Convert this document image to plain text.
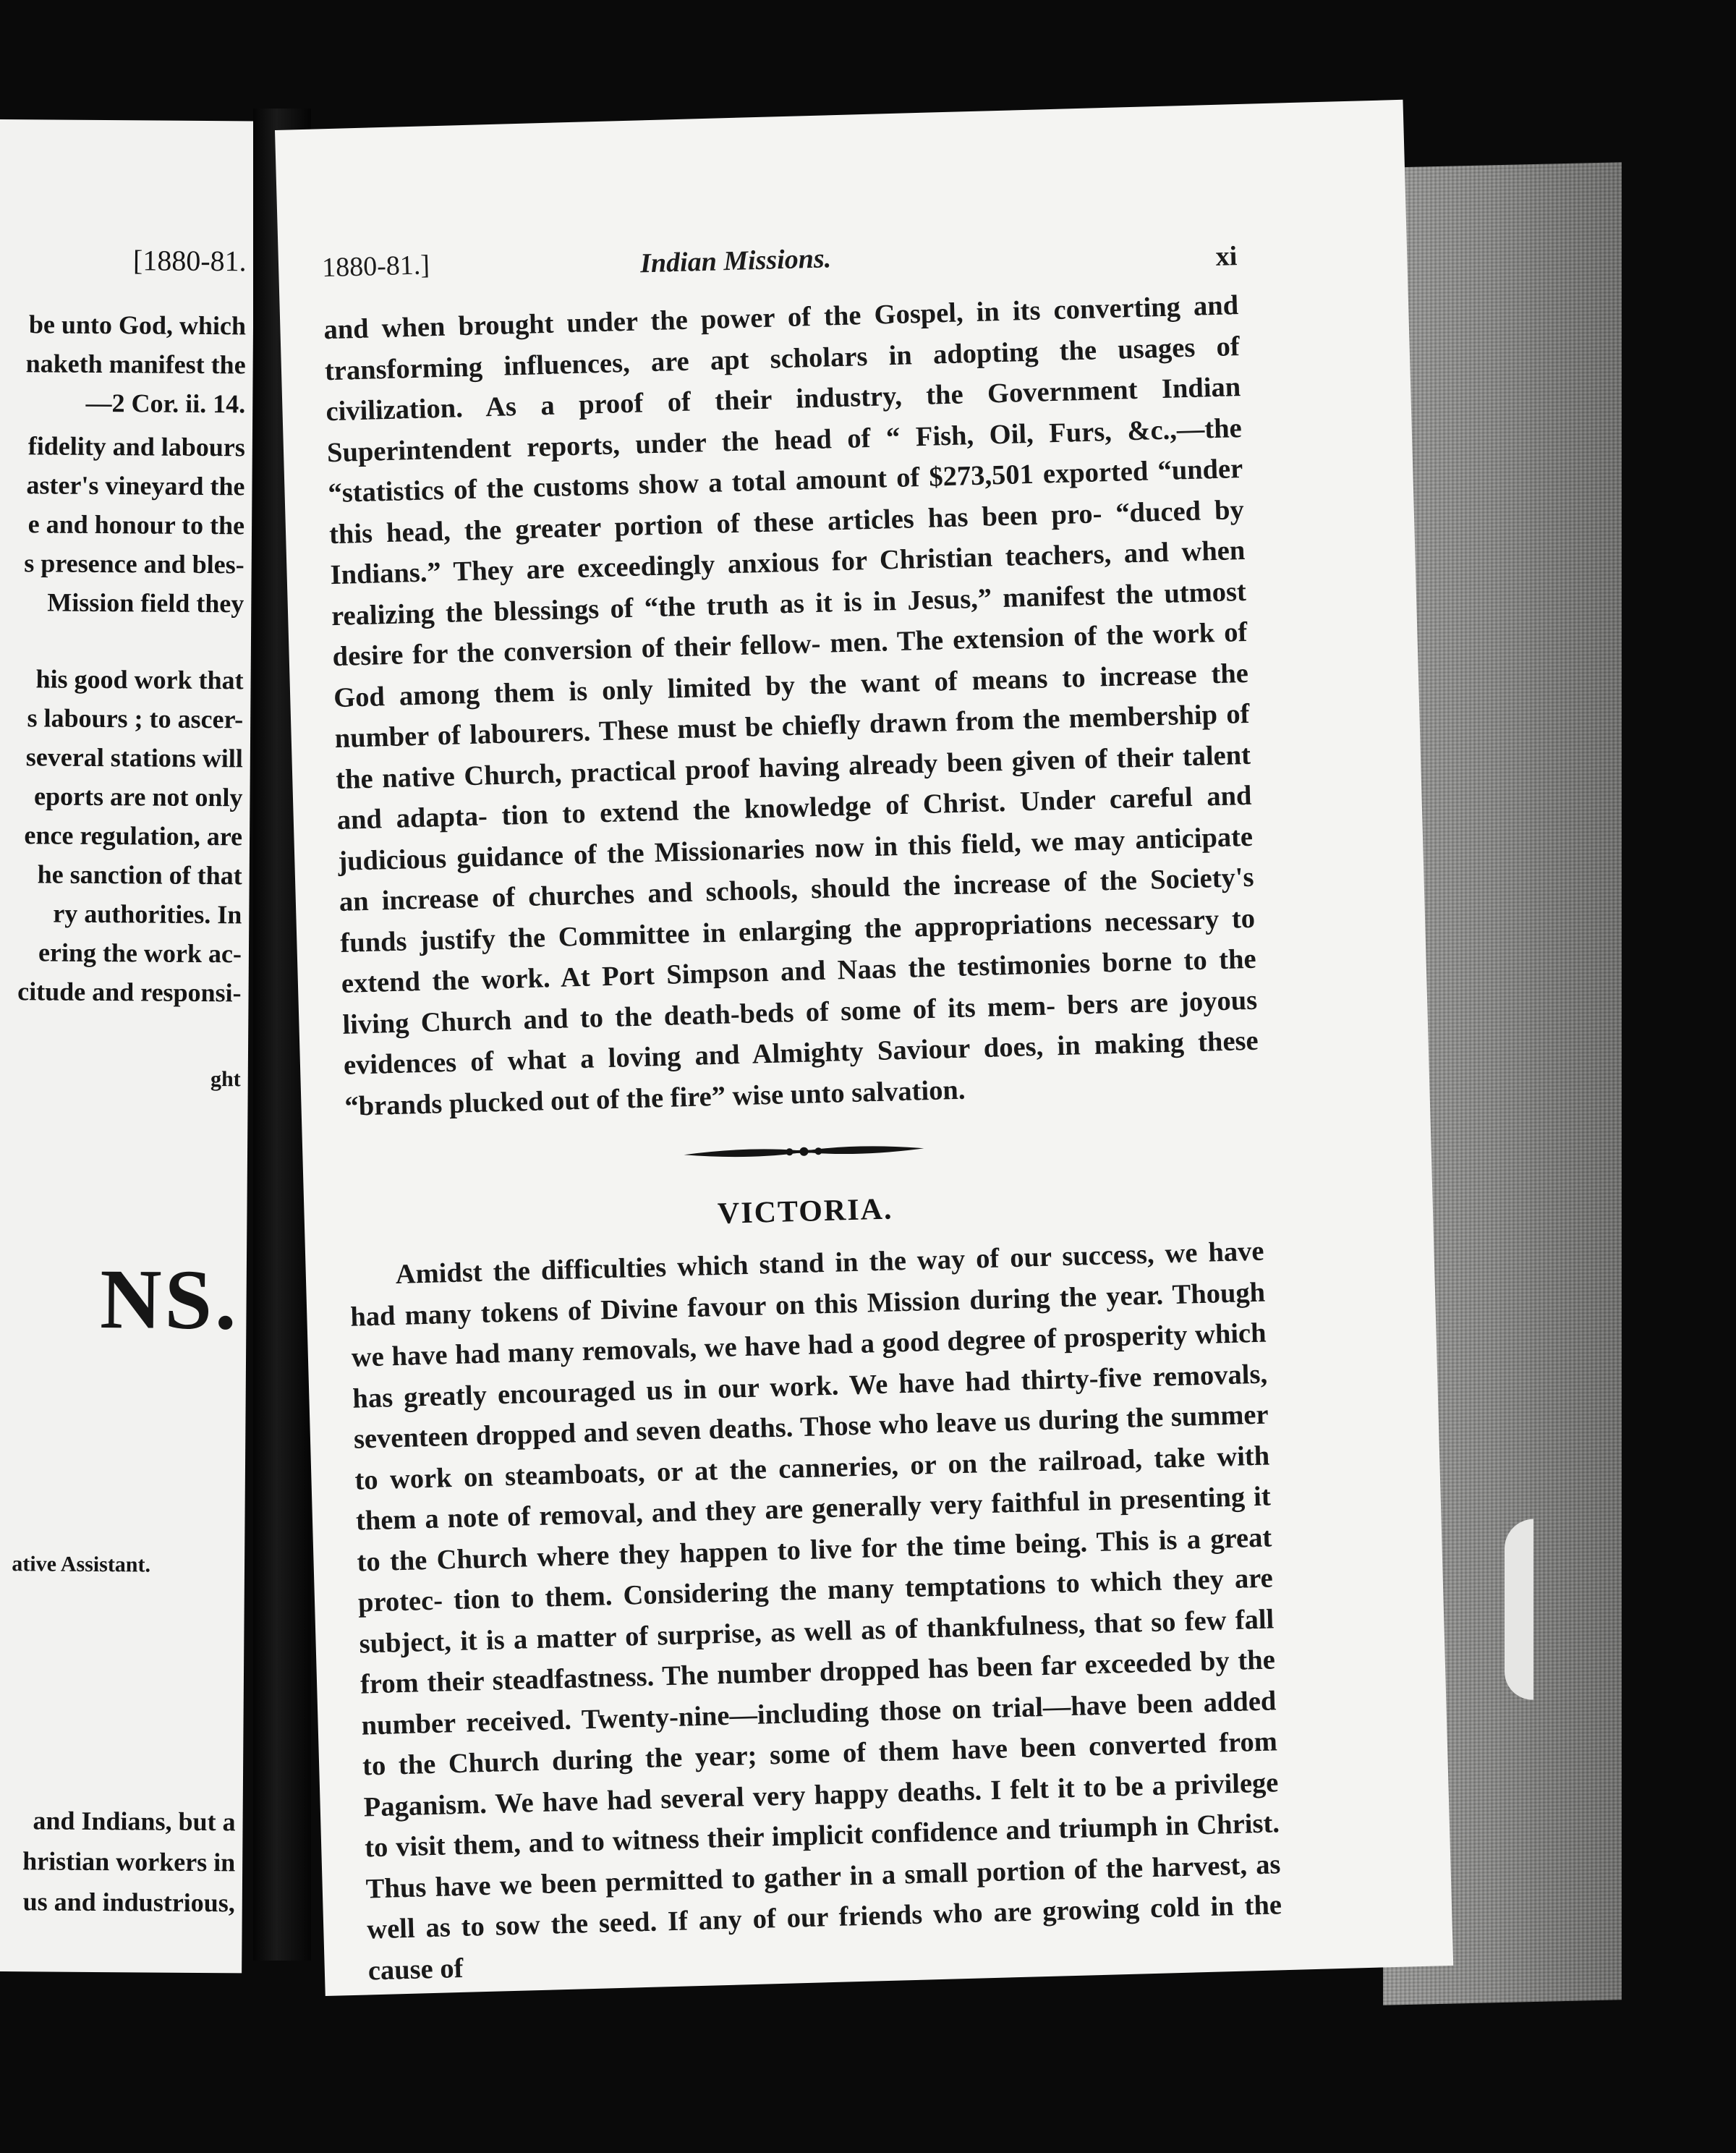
[1880-81.
be unto God, which
naketh manifest the
—2 Cor. ii. 14.
fidelity and labours
aster's vineyard the
e and honour to the
s presence and bles-
Mission field they
his good work that
s labours ; to ascer-
several stations will
eports are not only
ence regulation, are
he sanction of that
ry authorities. In
ering the work ac-
citude and responsi-
ght
NS.
ative Assistant.
and Indians, but a
hristian workers in
us and industrious,
1880-81.]	Indian Missions.	xi

and when brought under the power of the Gospel, in its converting and transforming influences, are apt scholars in adopting the usages of civilization. As a proof of their industry, the Government Indian Superintendent reports, under the head of “ Fish, Oil, Furs, &c.,—the “statistics of the customs show a total amount of $273,501 exported “under this head, the greater portion of these articles has been pro- “duced by Indians.” They are exceedingly anxious for Christian teachers, and when realizing the blessings of “the truth as it is in Jesus,” manifest the utmost desire for the conversion of their fellow- men. The extension of the work of God among them is only limited by the want of means to increase the number of labourers. These must be chiefly drawn from the membership of the native Church, practical proof having already been given of their talent and adapta- tion to extend the knowledge of Christ. Under careful and judicious guidance of the Missionaries now in this field, we may anticipate an increase of churches and schools, should the increase of the Society's funds justify the Committee in enlarging the appropriations necessary to extend the work. At Port Simpson and Naas the testimonies borne to the living Church and to the death-beds of some of its mem- bers are joyous evidences of what a loving and Almighty Saviour does, in making these “brands plucked out of the fire” wise unto salvation.

VICTORIA.

Amidst the difficulties which stand in the way of our success, we have had many tokens of Divine favour on this Mission during the year. Though we have had many removals, we have had a good degree of prosperity which has greatly encouraged us in our work. We have had thirty-five removals, seventeen dropped and seven deaths. Those who leave us during the summer to work on steamboats, or at the canneries, or on the railroad, take with them a note of removal, and they are generally very faithful in presenting it to the Church where they happen to live for the time being. This is a great protec- tion to them. Considering the many temptations to which they are subject, it is a matter of surprise, as well as of thankfulness, that so few fall from their steadfastness. The number dropped has been far exceeded by the number received. Twenty-nine—including those on trial—have been added to the Church during the year; some of them have been converted from Paganism. We have had several very happy deaths. I felt it to be a privilege to visit them, and to witness their implicit confidence and triumph in Christ. Thus have we been permitted to gather in a small portion of the harvest, as well as to sow the seed. If any of our friends who are growing cold in the cause of
